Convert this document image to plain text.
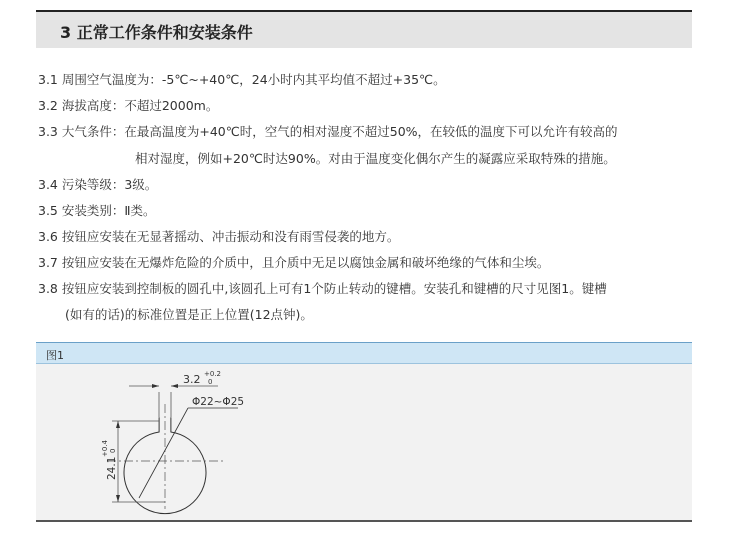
3 正常工作条件和安装条件
3.1 周围空气温度为：-5℃~+40℃，24小时内其平均值不超过+35℃。
3.2 海拔高度：不超过2000m。
3.3 大气条件：在最高温度为+40℃时，空气的相对湿度不超过50%，在较低的温度下可以允许有较高的
相对湿度，例如+20℃时达90%。对由于温度变化偶尔产生的凝露应采取特殊的措施。
3.4 污染等级：3级。
3.5 安装类别：Ⅱ类。
3.6 按钮应安装在无显著摇动、冲击振动和没有雨雪侵袭的地方。
3.7 按钮应安装在无爆炸危险的介质中，且介质中无足以腐蚀金属和破坏绝缘的气体和尘埃。
3.8 按钮应安装到控制板的圆孔中,该圆孔上可有1个防止转动的键槽。安装孔和键槽的尺寸见图1。键槽
(如有的话)的标准位置是正上位置(12点钟)。
图1
3.2 +0.2
0
Φ22~Φ25
24.1
+0.4 0
